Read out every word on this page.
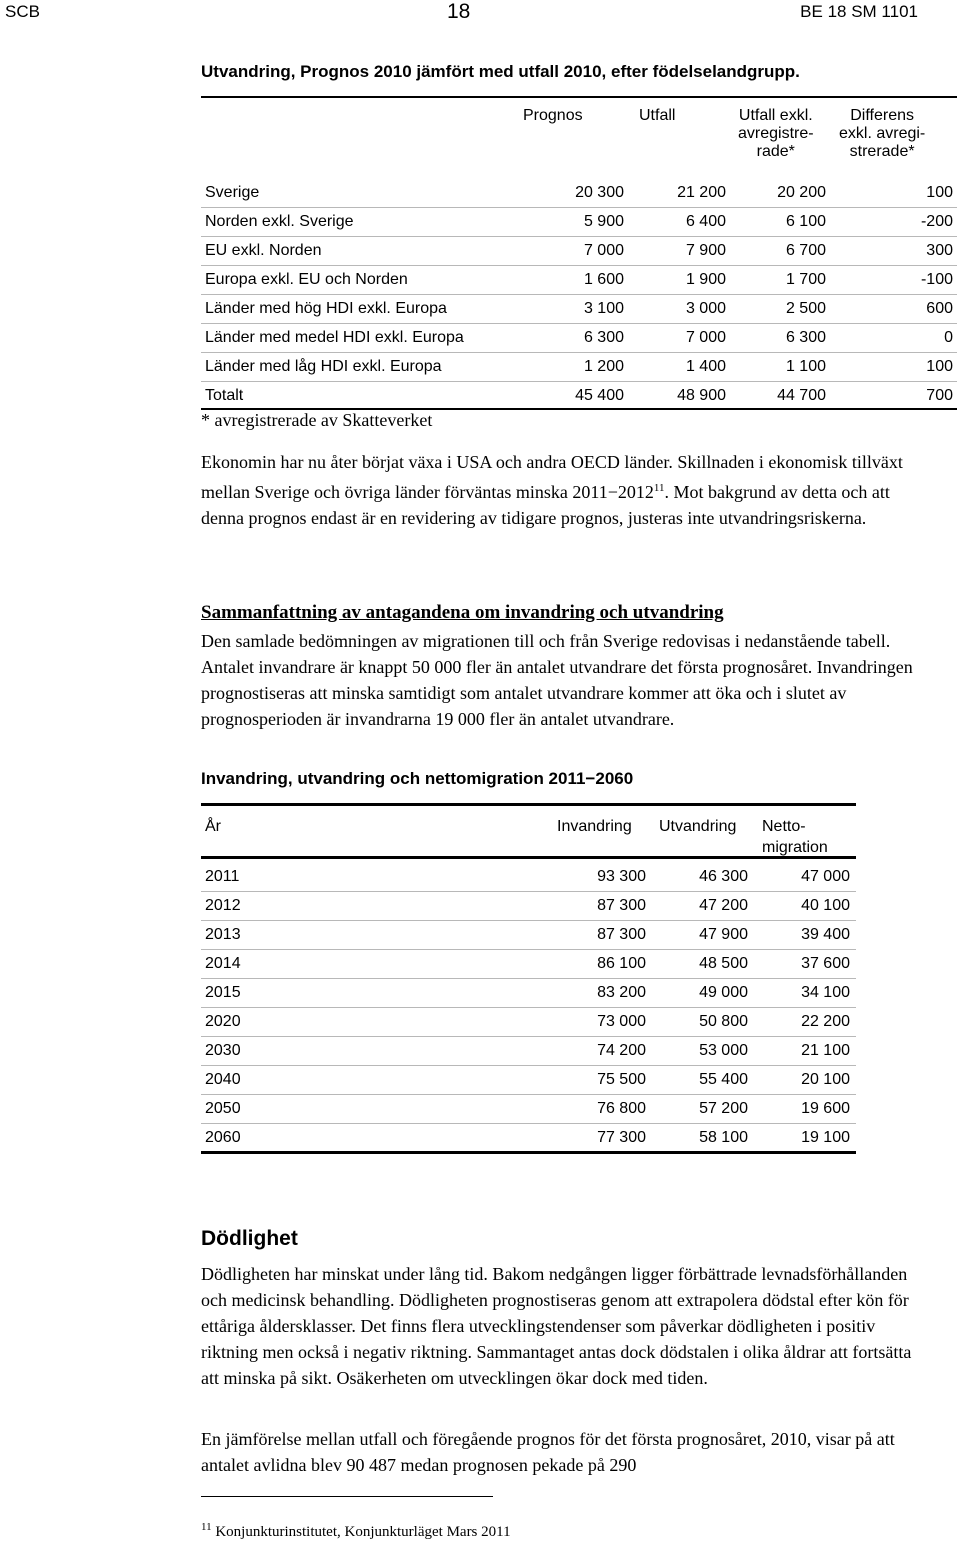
SCB	18	BE 18 SM 1101
Utvandring, Prognos 2010 jämfört med utfall 2010, efter födelselandgrupp.
Prognos	Utfall	Utfall exkl.
avregistre-
rade*
Differens
exkl. avregi-
strerade*
Sverige	20 300	21 200	20 200	100
Norden exkl. Sverige	5 900	6 400	6 100	-200
EU exkl. Norden	7 000	7 900	6 700	300
Europa exkl. EU och Norden	1 600	1 900	1 700	-100
Länder med hög HDI exkl. Europa	3 100	3 000	2 500	600
Länder med medel HDI exkl. Europa	6 300	7 000	6 300	0
Länder med låg HDI exkl. Europa	1 200	1 400	1 100	100
Totalt	45 400	48 900	44 700	700
* avregistrerade av Skatteverket

Ekonomin har nu åter börjat växa i USA och andra OECD länder. Skillnaden i ekonomisk tillväxt mellan Sverige och övriga länder förväntas minska $2011-2012^{11}$. Mot bakgrund av detta och att denna prognos endast är en revidering av tidigare prognos, justeras inte utvandringsriskerna.

Sammanfattning av antagandena om invandring och utvandring

Den samlade bedömningen av migrationen till och från Sverige redovisas i nedanstående tabell. Antalet invandrare är knappt 50 000 fler än antalet utvandrare det första prognosåret. Invandringen prognostiseras att minska samtidigt som antalet utvandrare kommer att öka och i slutet av prognosperioden är invandrarna 19 000 fler än antalet utvandrare.

Invandring, utvandring och nettomigration 2011−2060
År	Invandring Utvandring Netto-
migration
2011	93 300	46 300	47 000
2012	87 300	47 200	40 100
2013	87 300	47 900	39 400
2014	86 100	48 500	37 600
2015	83 200	49 000	34 100
2020	73 000	50 800	22 200
2030	74 200	53 000	21 100
2040	75 500	55 400	20 100
2050	76 800	57 200	19 600
2060	77 300	58 100	19 100
Dödlighet

Dödligheten har minskat under lång tid. Bakom nedgången ligger förbättrade levnadsförhållanden och medicinsk behandling. Dödligheten prognostiseras genom att extrapolera dödstal efter kön för ettåriga åldersklasser. Det finns flera utvecklingstendenser som påverkar dödligheten i positiv riktning men också i negativ riktning. Sammantaget antas dock dödstalen i olika åldrar att fortsätta att minska på sikt. Osäkerheten om utvecklingen ökar dock med tiden.

En jämförelse mellan utfall och föregående prognos för det första prognosåret, 2010, visar på att antalet avlidna blev 90 487 medan prognosen pekade på 290

$^{11}$ Konjunkturinstitutet, Konjunkturläget Mars 2011
